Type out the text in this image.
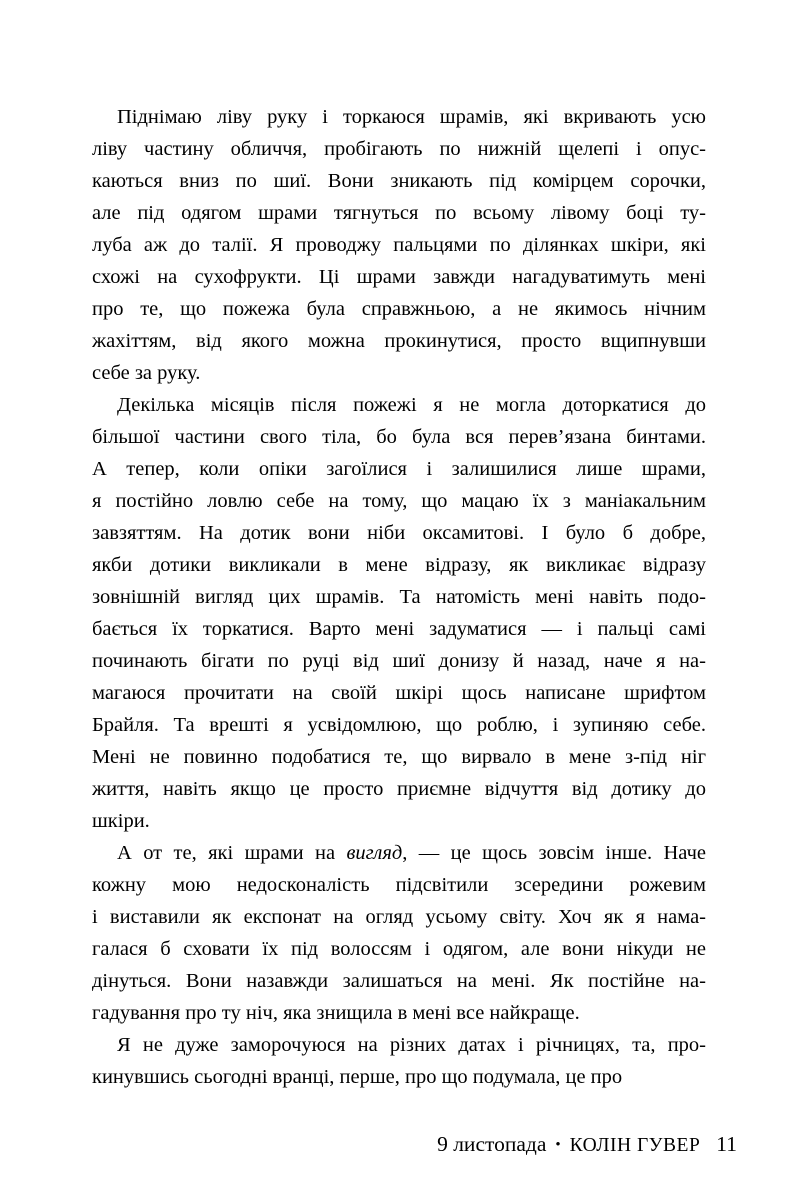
Піднімаю ліву руку і торкаюся шрамів, які вкривають усю
ліву частину обличчя, пробігають по нижній щелепі і опус-
каються вниз по шиї. Вони зникають під комірцем сорочки,
але під одягом шрами тягнуться по всьому лівому боці ту-
луба аж до талії. Я проводжу пальцями по ділянках шкіри, які
схожі на сухофрукти. Ці шрами завжди нагадуватимуть мені
про те, що пожежа була справжньою, а не якимось нічним
жахіттям, від якого можна прокинутися, просто вщипнувши
себе за руку.
Декілька місяців після пожежі я не могла доторкатися до
більшої частини свого тіла, бо була вся перев’язана бинтами.
А тепер, коли опіки загоїлися і залишилися лише шрами,
я постійно ловлю себе на тому, що мацаю їх з маніакальним
завзяттям. На дотик вони ніби оксамитові. І було б добре,
якби дотики викликали в мене відразу, як викликає відразу
зовнішній вигляд цих шрамів. Та натомість мені навіть подо-
бається їх торкатися. Варто мені задуматися — і пальці самі
починають бігати по руці від шиї донизу й назад, наче я на-
магаюся прочитати на своїй шкірі щось написане шрифтом
Брайля. Та врешті я усвідомлюю, що роблю, і зупиняю себе.
Мені не повинно подобатися те, що вирвало в мене з-під ніг
життя, навіть якщо це просто приємне відчуття від дотику до
шкіри.
А от те, які шрами на вигляд, — це щось зовсім інше. Наче
кожну мою недосконалість підсвітили зсередини рожевим
і виставили як експонат на огляд усьому світу. Хоч як я нама-
галася б сховати їх під волоссям і одягом, але вони нікуди не
дінуться. Вони назавжди залишаться на мені. Як постійне на-
гадування про ту ніч, яка знищила в мені все найкраще.
Я не дуже заморочуюся на різних датах і річницях, та, про-
кинувшись сьогодні вранці, перше, про що подумала, це про
9 листопада • КОЛІН ГУВЕР 11
